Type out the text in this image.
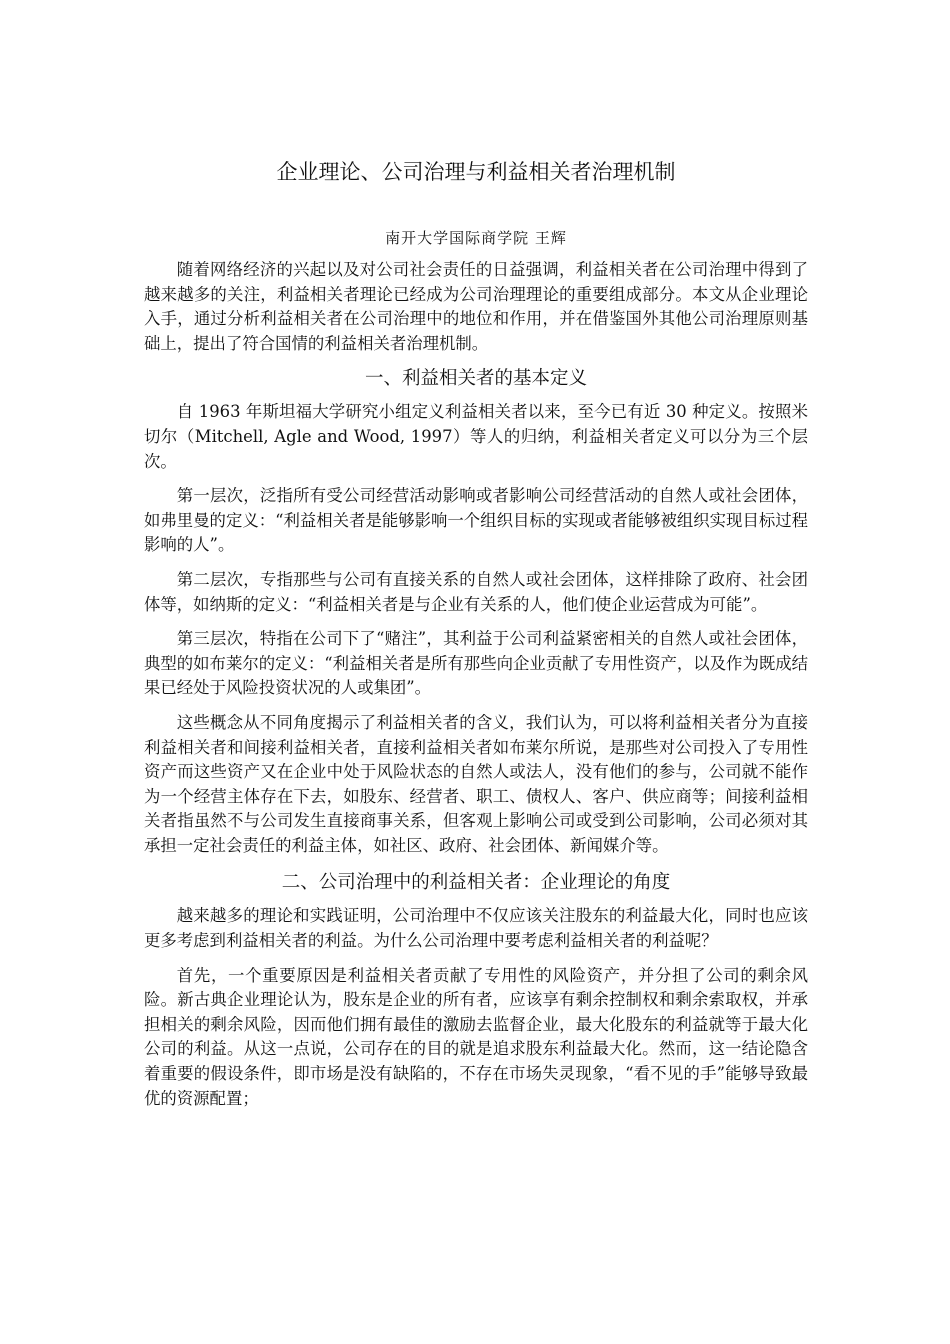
企业理论、公司治理与利益相关者治理机制
南开大学国际商学院 王辉

随着网络经济的兴起以及对公司社会责任的日益强调，利益相关者在公司治理中得到了越来越多的关注，利益相关者理论已经成为公司治理理论的重要组成部分。本文从企业理论入手，通过分析利益相关者在公司治理中的地位和作用，并在借鉴国外其他公司治理原则基础上，提出了符合国情的利益相关者治理机制。

一、利益相关者的基本定义

自 1963 年斯坦福大学研究小组定义利益相关者以来，至今已有近 30 种定义。按照米切尔（Mitchell, Agle and Wood, 1997）等人的归纳，利益相关者定义可以分为三个层次。

第一层次，泛指所有受公司经营活动影响或者影响公司经营活动的自然人或社会团体，如弗里曼的定义：“利益相关者是能够影响一个组织目标的实现或者能够被组织实现目标过程影响的人”。

第二层次，专指那些与公司有直接关系的自然人或社会团体，这样排除了政府、社会团体等，如纳斯的定义：“利益相关者是与企业有关系的人，他们使企业运营成为可能”。

第三层次，特指在公司下了“赌注”，其利益于公司利益紧密相关的自然人或社会团体，典型的如布莱尔的定义：“利益相关者是所有那些向企业贡献了专用性资产，以及作为既成结果已经处于风险投资状况的人或集团”。

这些概念从不同角度揭示了利益相关者的含义，我们认为，可以将利益相关者分为直接利益相关者和间接利益相关者，直接利益相关者如布莱尔所说，是那些对公司投入了专用性资产而这些资产又在企业中处于风险状态的自然人或法人，没有他们的参与，公司就不能作为一个经营主体存在下去，如股东、经营者、职工、债权人、客户、供应商等；间接利益相关者指虽然不与公司发生直接商事关系，但客观上影响公司或受到公司影响，公司必须对其承担一定社会责任的利益主体，如社区、政府、社会团体、新闻媒介等。

二、公司治理中的利益相关者：企业理论的角度

越来越多的理论和实践证明，公司治理中不仅应该关注股东的利益最大化，同时也应该更多考虑到利益相关者的利益。为什么公司治理中要考虑利益相关者的利益呢？

首先，一个重要原因是利益相关者贡献了专用性的风险资产，并分担了公司的剩余风险。新古典企业理论认为，股东是企业的所有者，应该享有剩余控制权和剩余索取权，并承担相关的剩余风险，因而他们拥有最佳的激励去监督企业，最大化股东的利益就等于最大化公司的利益。从这一点说，公司存在的目的就是追求股东利益最大化。然而，这一结论隐含着重要的假设条件，即市场是没有缺陷的，不存在市场失灵现象，“看不见的手”能够导致最优的资源配置；
